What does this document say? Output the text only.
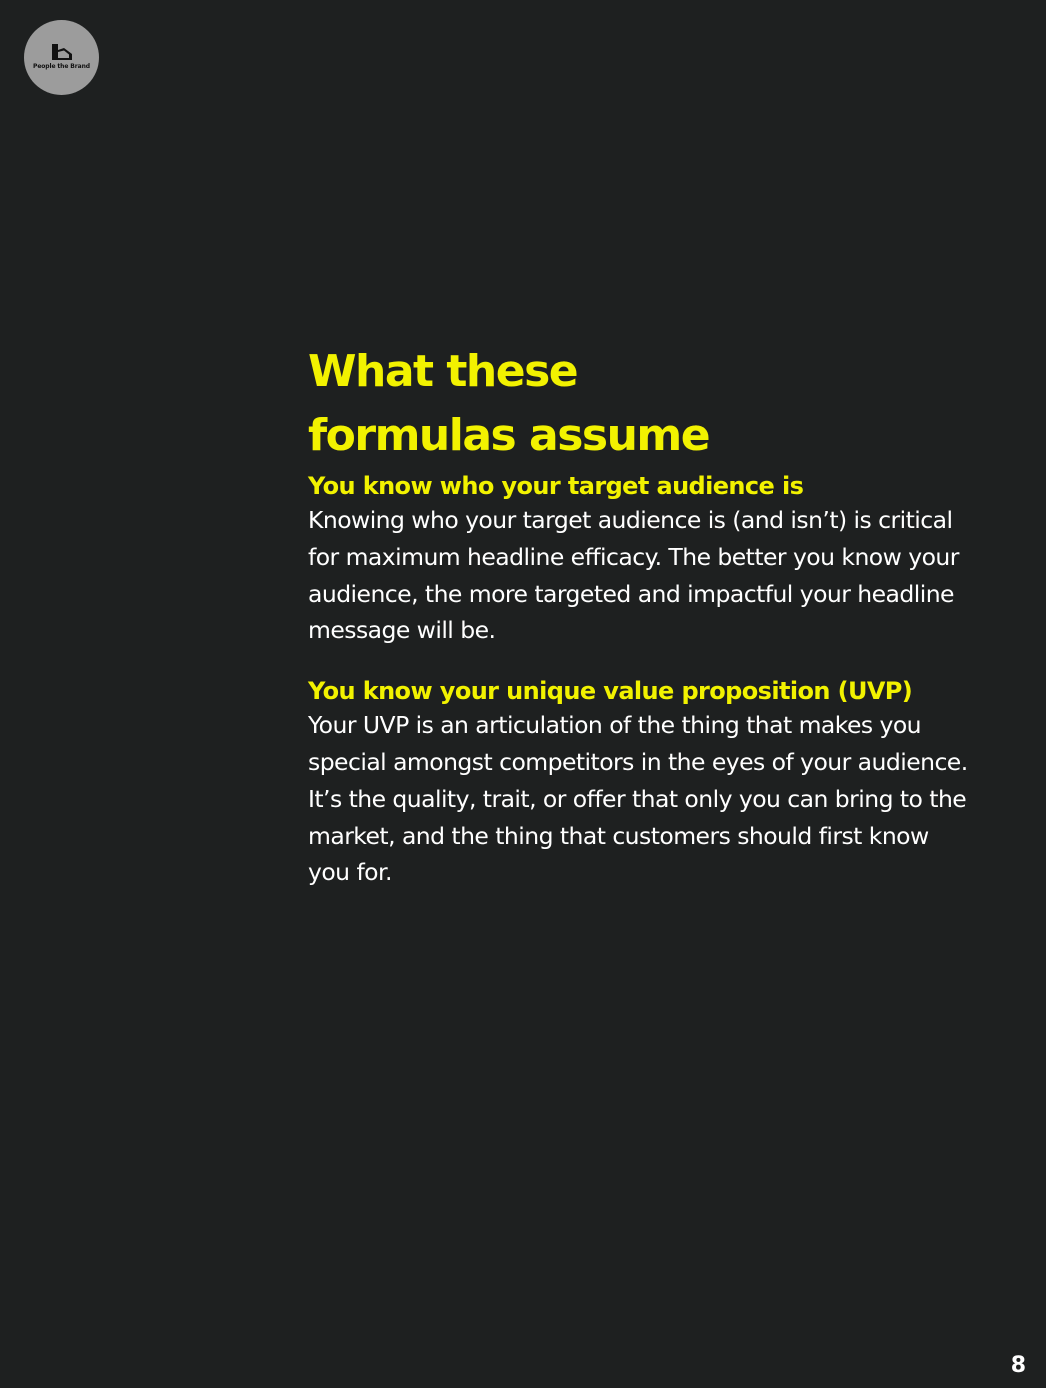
People the Brand
What these
formulas assume
You know who your target audience is

Knowing who your target audience is (and isn’t) is critical for maximum headline efficacy. The better you know your audience, the more targeted and impactful your headline message will be.

You know your unique value proposition (UVP)

Your UVP is an articulation of the thing that makes you special amongst competitors in the eyes of your audience. It’s the quality, trait, or offer that only you can bring to the market, and the thing that customers should first know you for.

8
